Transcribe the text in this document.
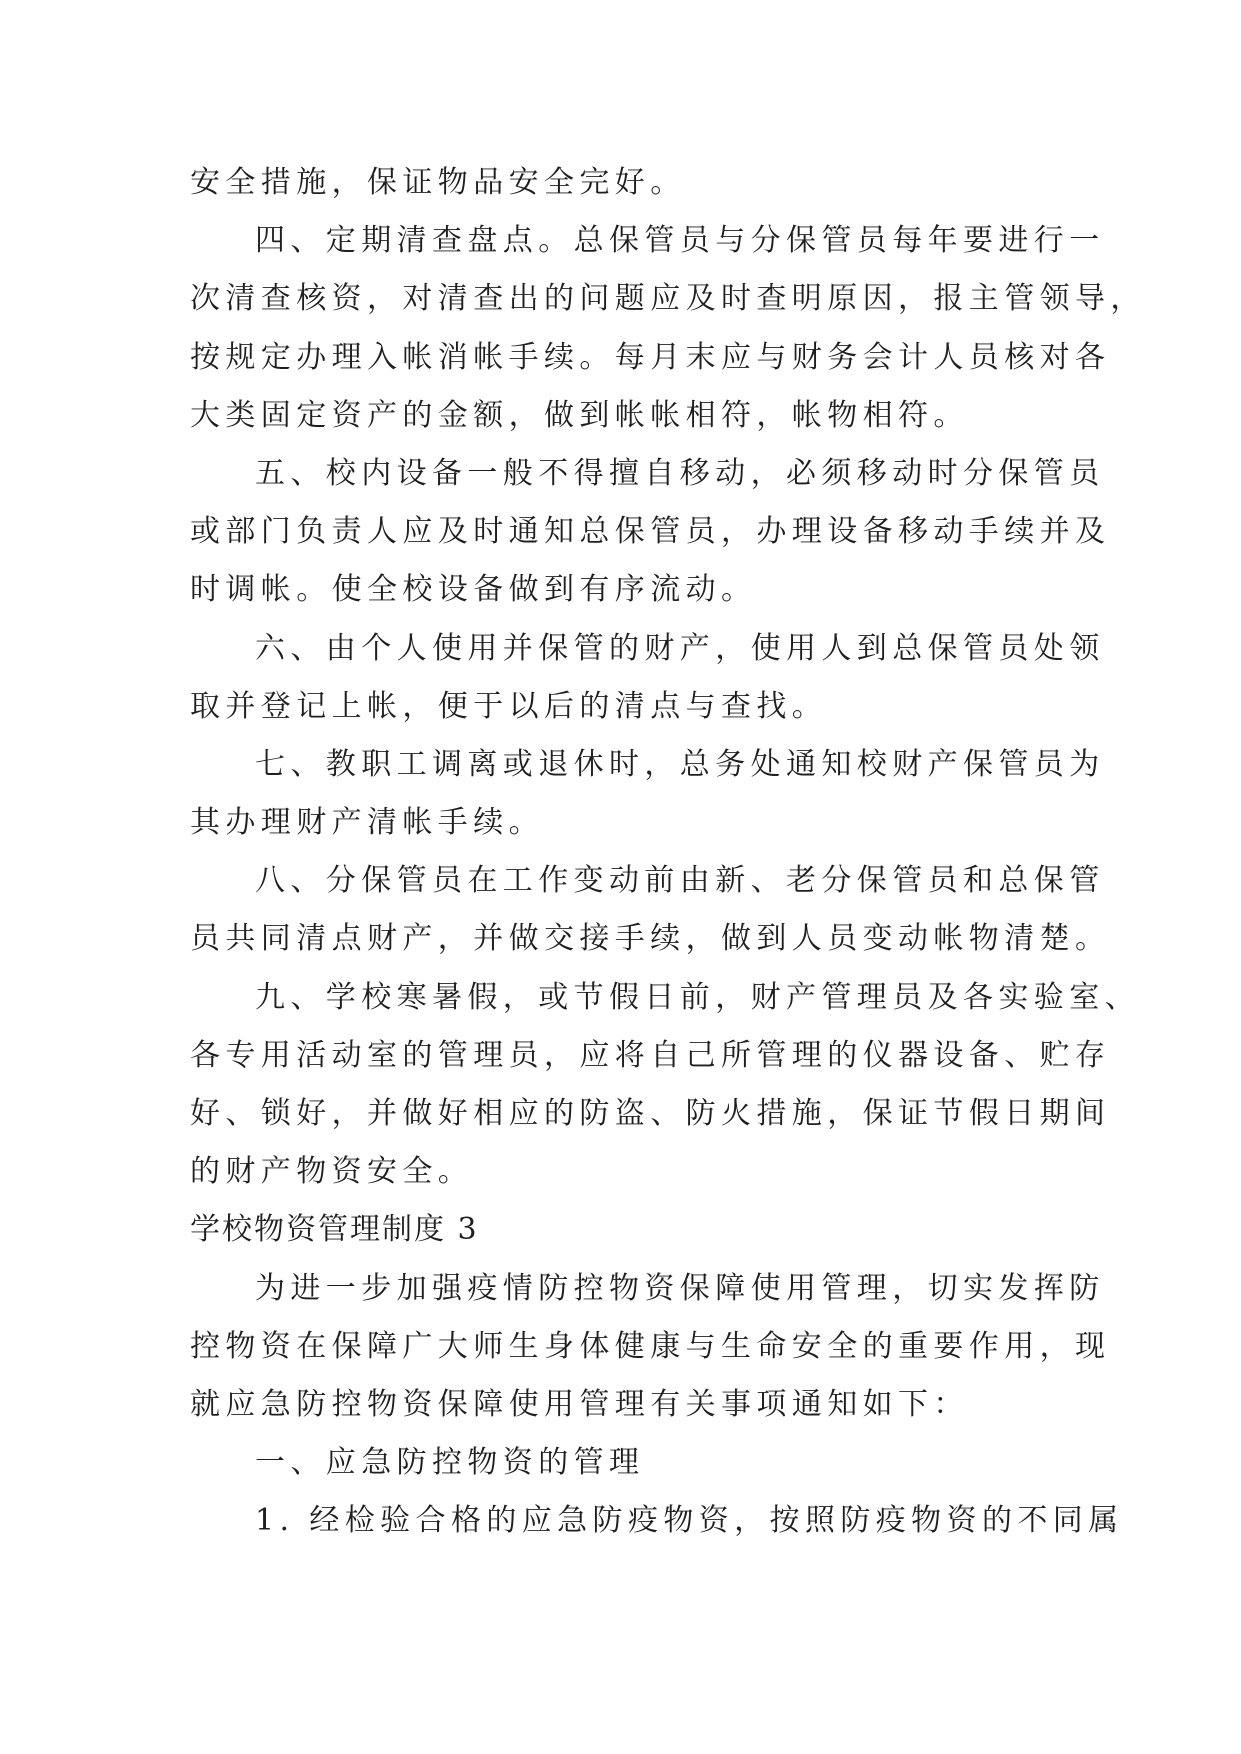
安全措施，保证物品安全完好。
四、定期清查盘点。总保管员与分保管员每年要进行一
次清查核资，对清查出的问题应及时查明原因，报主管领导，
按规定办理入帐消帐手续。每月末应与财务会计人员核对各
大类固定资产的金额，做到帐帐相符，帐物相符。
五、校内设备一般不得擅自移动，必须移动时分保管员
或部门负责人应及时通知总保管员，办理设备移动手续并及
时调帐。使全校设备做到有序流动。
六、由个人使用并保管的财产，使用人到总保管员处领
取并登记上帐，便于以后的清点与查找。
七、教职工调离或退休时，总务处通知校财产保管员为
其办理财产清帐手续。
八、分保管员在工作变动前由新、老分保管员和总保管
员共同清点财产，并做交接手续，做到人员变动帐物清楚。
九、学校寒暑假，或节假日前，财产管理员及各实验室、
各专用活动室的管理员，应将自己所管理的仪器设备、贮存
好、锁好，并做好相应的防盗、防火措施，保证节假日期间
的财产物资安全。
学校物资管理制度 3
为进一步加强疫情防控物资保障使用管理，切实发挥防
控物资在保障广大师生身体健康与生命安全的重要作用，现
就应急防控物资保障使用管理有关事项通知如下：
一、应急防控物资的管理
1. 经检验合格的应急防疫物资，按照防疫物资的不同属
